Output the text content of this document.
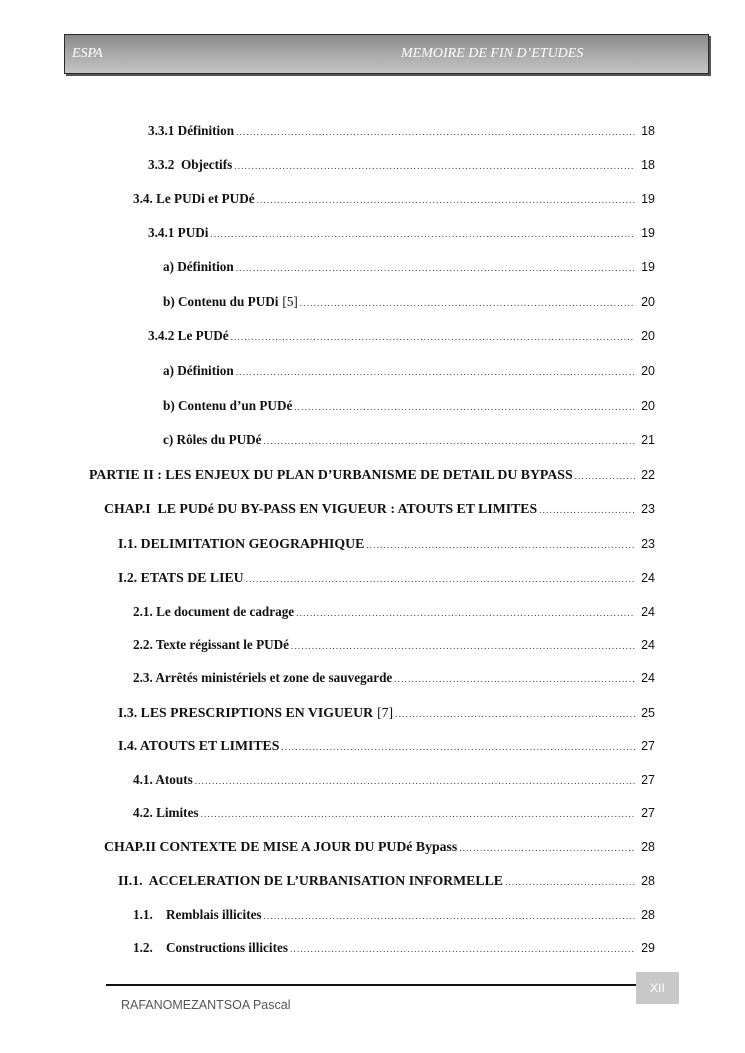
ESPA	MEMOIRE DE FIN D’ETUDES
3.3.1 Définition .....	18
3.3.2  Objectifs .....	18
3.4. Le PUDi et PUDé .....	19
3.4.1 PUDi .....	19
a) Définition .....	19
b) Contenu du PUDi [5] .....	20
3.4.2 Le PUDé .....	20
a) Définition .....	20
b) Contenu d’un PUDé .....	20
c) Rôles du PUDé .....	21
PARTIE II : LES ENJEUX DU PLAN D’URBANISME DE DETAIL DU BYPASS .....	22
CHAP.I  LE PUDé DU BY-PASS EN VIGUEUR : ATOUTS ET LIMITES .....	23
I.1. DELIMITATION GEOGRAPHIQUE .....	23
I.2. ETATS DE LIEU .....	24
2.1. Le document de cadrage .....	24
2.2. Texte régissant le PUDé .....	24
2.3. Arrêtés ministériels et zone de sauvegarde .....	24
I.3. LES PRESCRIPTIONS EN VIGUEUR [7] .....	25
I.4. ATOUTS ET LIMITES .....	27
4.1. Atouts .....	27
4.2. Limites .....	27
CHAP.II CONTEXTE DE MISE A JOUR DU PUDé Bypass .....	28
II.1.  ACCELERATION DE L’URBANISATION INFORMELLE .....	28
1.1.    Remblais illicites .....	28
1.2.    Constructions illicites .....	29
XII
RAFANOMEZANTSOA Pascal
